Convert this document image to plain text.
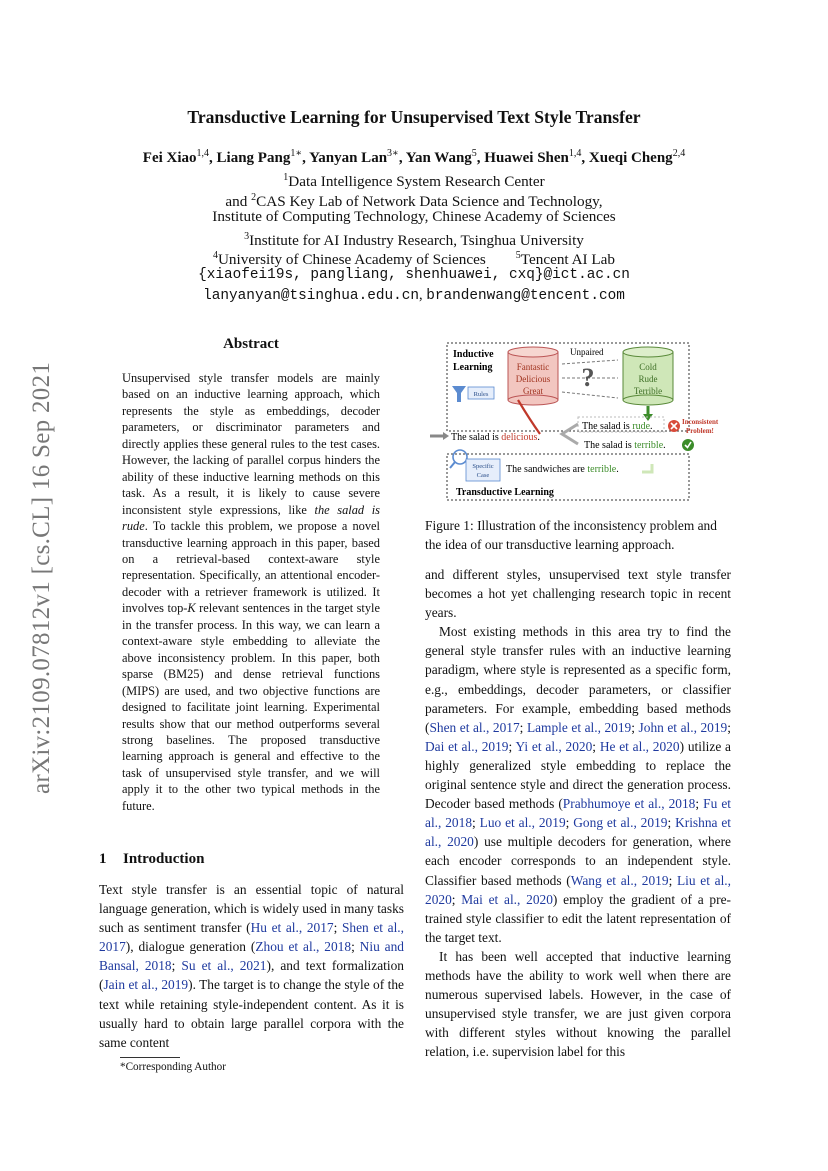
Transductive Learning for Unsupervised Text Style Transfer
Fei Xiao$^{1,4}$, Liang Pang$^{1∗}$, Yanyan Lan$^{3∗}$, Yan Wang$^5$, Huawei Shen$^{1,4}$, Xueqi Cheng$^{2,4}$
$^1$Data Intelligence System Research Center
and $^2$CAS Key Lab of Network Data Science and Technology,
Institute of Computing Technology, Chinese Academy of Sciences
$^3$Institute for AI Industry Research, Tsinghua University
$^4$University of Chinese Academy of Sciences	$^5$Tencent AI Lab
{xiaofei19s, pangliang, shenhuawei, cxq}@ict.ac.cn
lanyanyan@tsinghua.edu.cn, brandenwang@tencent.com
arXiv:2109.07812v1 [cs.CL] 16 Sep 2021
Abstract

Unsupervised style transfer models are mainly based on an inductive learning approach, which represents the style as embeddings, decoder parameters, or discriminator parameters and directly applies these general rules to the test cases. However, the lacking of parallel corpus hinders the ability of these inductive learning methods on this task. As a result, it is likely to cause severe inconsistent style expressions, like the salad is rude. To tackle this problem, we propose a novel transductive learning approach in this paper, based on a retrieval-based context-aware style representation. Specifically, an attentional encoder-decoder with a retriever framework is utilized. It involves top-K relevant sentences in the target style in the transfer process. In this way, we can learn a context-aware style embedding to alleviate the above inconsistency problem. In this paper, both sparse (BM25) and dense retrieval functions (MIPS) are used, and two objective functions are designed to facilitate joint learning. Experimental results show that our method outperforms several strong baselines. The proposed transductive learning approach is general and effective to the task of unsupervised style transfer, and we will apply it to the other two typical methods in the future.

1 Introduction

Text style transfer is an essential topic of natural language generation, which is widely used in many tasks such as sentiment transfer (Hu et al., 2017; Shen et al., 2017), dialogue generation (Zhou et al., 2018; Niu and Bansal, 2018; Su et al., 2021), and text formalization (Jain et al., 2019). The target is to change the style of the text while retaining style-independent content. As it is usually hard to obtain large parallel corpora with the same content

*Corresponding Author
Inductive
Learning
Unpaired
Fantastic
Delicious
Great
Cold
Rude
Terrible
?
Rules
The salad is rude.	Inconsistent
Problem!
The salad is delicious.
The salad is terrible.
Specific
Case
The sandwiches are terrible.
Transductive Learning
Figure 1: Illustration of the inconsistency problem and the idea of our transductive learning approach.

and different styles, unsupervised text style transfer becomes a hot yet challenging research topic in recent years.

Most existing methods in this area try to find the general style transfer rules with an inductive learning paradigm, where style is represented as a specific form, e.g., embeddings, decoder parameters, or classifier parameters. For example, embedding based methods (Shen et al., 2017; Lample et al., 2019; John et al., 2019; Dai et al., 2019; Yi et al., 2020; He et al., 2020) utilize a highly generalized style embedding to replace the original sentence style and direct the generation process. Decoder based methods (Prabhumoye et al., 2018; Fu et al., 2018; Luo et al., 2019; Gong et al., 2019; Krishna et al., 2020) use multiple decoders for generation, where each encoder corresponds to an independent style. Classifier based methods (Wang et al., 2019; Liu et al., 2020; Mai et al., 2020) employ the gradient of a pre-trained style classifier to edit the latent representation of the target text.

It has been well accepted that inductive learning methods have the ability to work well when there are numerous supervised labels. However, in the case of unsupervised style transfer, we are just given corpora with different styles without knowing the parallel relation, i.e. supervision label for this
